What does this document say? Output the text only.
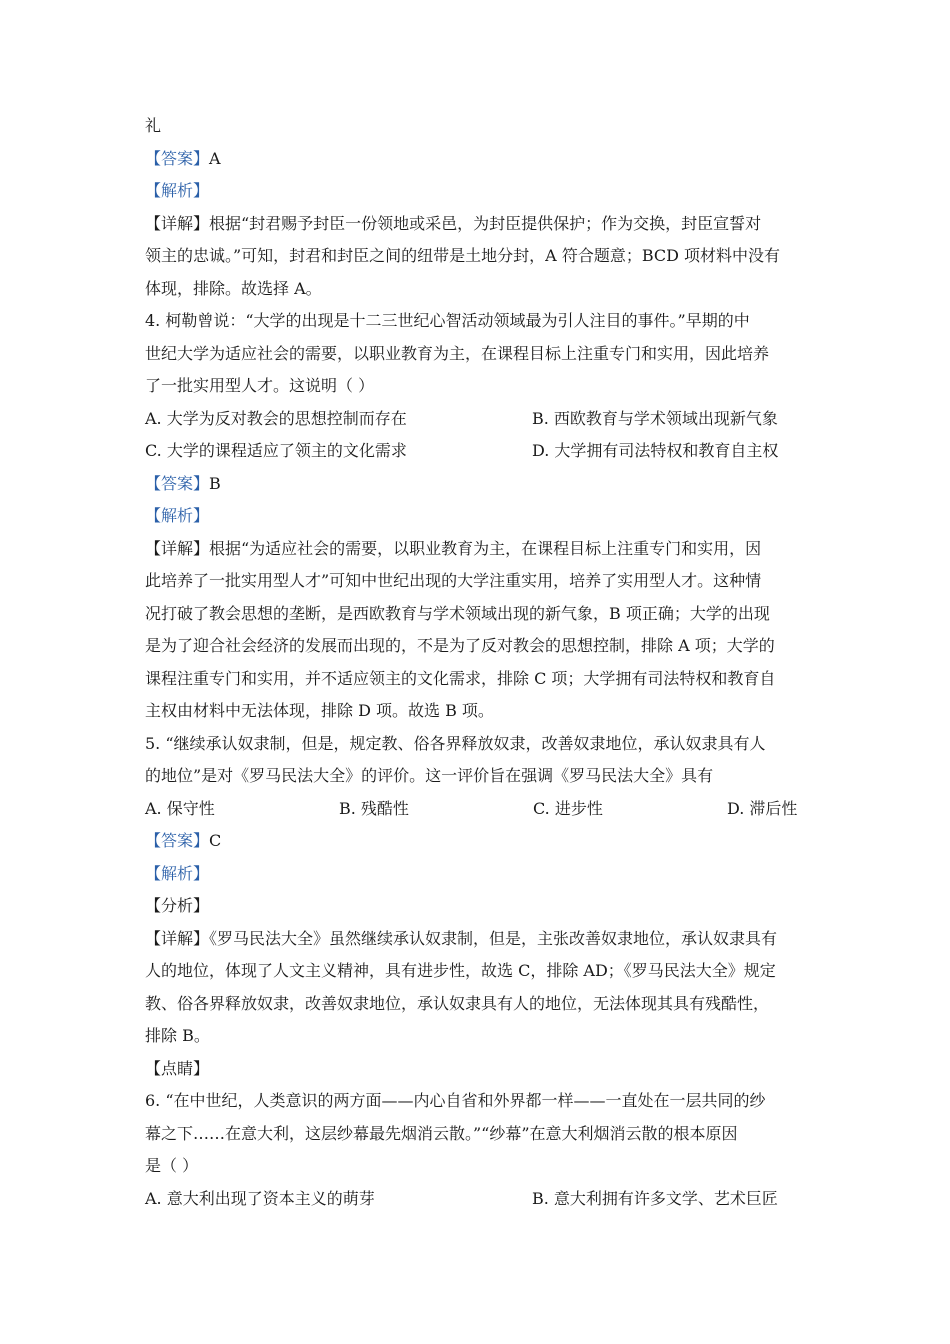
礼
【答案】A
【解析】
【详解】根据“封君赐予封臣一份领地或采邑，为封臣提供保护；作为交换，封臣宣誓对
领主的忠诚。”可知，封君和封臣之间的纽带是土地分封，A 符合题意；BCD 项材料中没有
体现，排除。故选择 A。
4. 柯勒曾说：“大学的出现是十二三世纪心智活动领域最为引人注目的事件。”早期的中
世纪大学为适应社会的需要，以职业教育为主，在课程目标上注重专门和实用，因此培养
了一批实用型人才。这说明（ ）
A. 大学为反对教会的思想控制而存在	B. 西欧教育与学术领域出现新气象
C. 大学的课程适应了领主的文化需求	D. 大学拥有司法特权和教育自主权
【答案】B
【解析】
【详解】根据“为适应社会的需要，以职业教育为主，在课程目标上注重专门和实用，因
此培养了一批实用型人才”可知中世纪出现的大学注重实用，培养了实用型人才。这种情
况打破了教会思想的垄断，是西欧教育与学术领域出现的新气象，B 项正确；大学的出现
是为了迎合社会经济的发展而出现的，不是为了反对教会的思想控制，排除 A 项；大学的
课程注重专门和实用，并不适应领主的文化需求，排除 C 项；大学拥有司法特权和教育自
主权由材料中无法体现，排除 D 项。故选 B 项。
5. “继续承认奴隶制，但是，规定教、俗各界释放奴隶，改善奴隶地位，承认奴隶具有人
的地位”是对《罗马民法大全》的评价。这一评价旨在强调《罗马民法大全》具有
A. 保守性	B. 残酷性	C. 进步性	D. 滞后性
【答案】C
【解析】
【分析】
【详解】《罗马民法大全》虽然继续承认奴隶制，但是，主张改善奴隶地位，承认奴隶具有
人的地位，体现了人文主义精神，具有进步性，故选 C，排除 AD；《罗马民法大全》规定
教、俗各界释放奴隶，改善奴隶地位，承认奴隶具有人的地位，无法体现其具有残酷性，
排除 B。
【点睛】
6. “在中世纪，人类意识的两方面——内心自省和外界都一样——一直处在一层共同的纱
幕之下……在意大利，这层纱幕最先烟消云散。”“纱幕”在意大利烟消云散的根本原因
是（ ）
A. 意大利出现了资本主义的萌芽	B. 意大利拥有许多文学、艺术巨匠
